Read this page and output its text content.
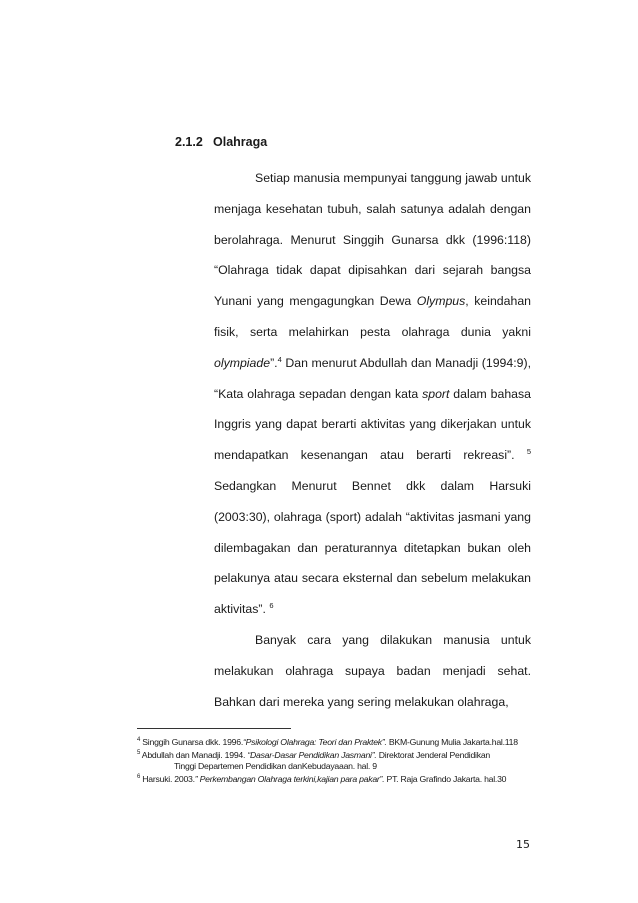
2.1.2 Olahraga

Setiap manusia mempunyai tanggung jawab untuk menjaga kesehatan tubuh, salah satunya adalah dengan berolahraga. Menurut Singgih Gunarsa dkk (1996:118) “Olahraga tidak dapat dipisahkan dari sejarah bangsa Yunani yang mengagungkan Dewa Olympus, keindahan fisik, serta melahirkan pesta olahraga dunia yakni olympiade”.$^4$ Dan menurut Abdullah dan Manadji (1994:9), “Kata olahraga sepadan dengan kata sport dalam bahasa Inggris yang dapat berarti aktivitas yang dikerjakan untuk mendapatkan kesenangan atau berarti rekreasi”. $^5$ Sedangkan Menurut Bennet dkk dalam Harsuki (2003:30), olahraga (sport) adalah “aktivitas jasmani yang dilembagakan dan peraturannya ditetapkan bukan oleh pelakunya atau secara eksternal dan sebelum melakukan aktivitas”. $^6$

Banyak cara yang dilakukan manusia untuk melakukan olahraga supaya badan menjadi sehat. Bahkan dari mereka yang sering melakukan olahraga,

$^4$ Singgih Gunarsa dkk. 1996.“Psikologi Olahraga: Teori dan Praktek”. BKM-Gunung Mulia Jakarta.hal.118

$^5$ Abdullah dan Manadji. 1994. “Dasar-Dasar Pendidikan Jasmani”. Direktorat Jenderal Pendidikan
Tinggi Departemen Pendidikan danKebudayaaan. hal. 9

$^6$ Harsuki. 2003.” Perkembangan Olahraga terkini,kajian para pakar”. PT. Raja Grafindo Jakarta. hal.30

15
